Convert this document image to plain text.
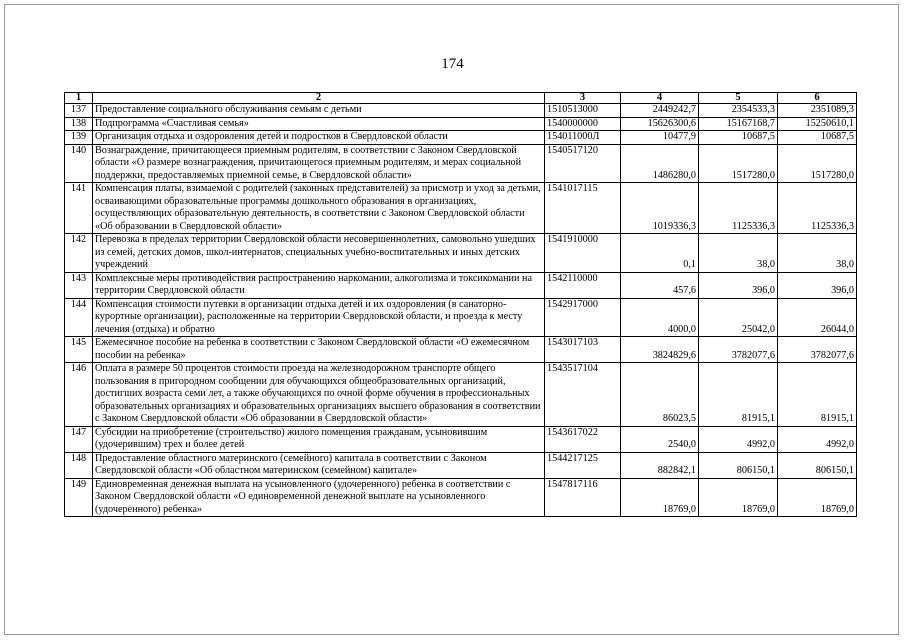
174
1	2	3	4	5	6
137	Предоставление социального обслуживания семьям с детьми	1510513000	2449242,7	2354533,3	2351089,3
138	Подпрограмма «Счастливая семья»	1540000000	15626300,6	15167168,7	15250610,1
139	Организация отдыха и оздоровления детей и подростков в Свердловской области	154011000Л	10477,9	10687,5	10687,5
140	Вознаграждение, причитающееся приемным родителям, в соответствии с Законом Свердловской области «О размере вознаграждения, причитающегося приемным родителям, и мерах социальной поддержки, предоставляемых приемной семье, в Свердловской области»	1540517120	1486280,0	1517280,0	1517280,0
141	Компенсация платы, взимаемой с родителей (законных представителей) за присмотр и уход за детьми, осваивающими образовательные программы дошкольного образования в организациях, осуществляющих образовательную деятельность, в соответствии с Законом Свердловской области «Об образовании в Свердловской области»	1541017115	1019336,3	1125336,3	1125336,3
142	Перевозка в пределах территории Свердловской области несовершеннолетних, самовольно ушедших из семей, детских домов, школ-интернатов, специальных учебно-воспитательных и иных детских учреждений	1541910000	0,1	38,0	38,0
143	Комплексные меры противодействия распространению наркомании, алкоголизма и токсикомании на территории Свердловской области	1542110000	457,6	396,0	396,0
144	Компенсация стоимости путевки в организации отдыха детей и их оздоровления (в санаторно-курортные организации), расположенные на территории Свердловской области, и проезда к месту лечения (отдыха) и обратно	1542917000	4000,0	25042,0	26044,0
145	Ежемесячное пособие на ребенка в соответствии с Законом Свердловской области «О ежемесячном пособии на ребенка»	1543017103	3824829,6	3782077,6	3782077,6
146	Оплата в размере 50 процентов стоимости проезда на железнодорожном транспорте общего пользования в пригородном сообщении для обучающихся общеобразовательных организаций, достигших возраста семи лет, а также обучающихся по очной форме обучения в профессиональных образовательных организациях и образовательных организациях высшего образования в соответствии с Законом Свердловской области «Об образовании в Свердловской области»	1543517104	86023,5	81915,1	81915,1
147	Субсидии на приобретение (строительство) жилого помещения гражданам, усыновившим (удочерившим) трех и более детей	1543617022	2540,0	4992,0	4992,0
148	Предоставление областного материнского (семейного) капитала в соответствии с Законом Свердловской области «Об областном материнском (семейном) капитале»	1544217125	882842,1	806150,1	806150,1
149	Единовременная денежная выплата на усыновленного (удочеренного) ребенка в соответствии с Законом Свердловской области «О единовременной денежной выплате на усыновленного (удочеренного) ребенка»	1547817116	18769,0	18769,0	18769,0
